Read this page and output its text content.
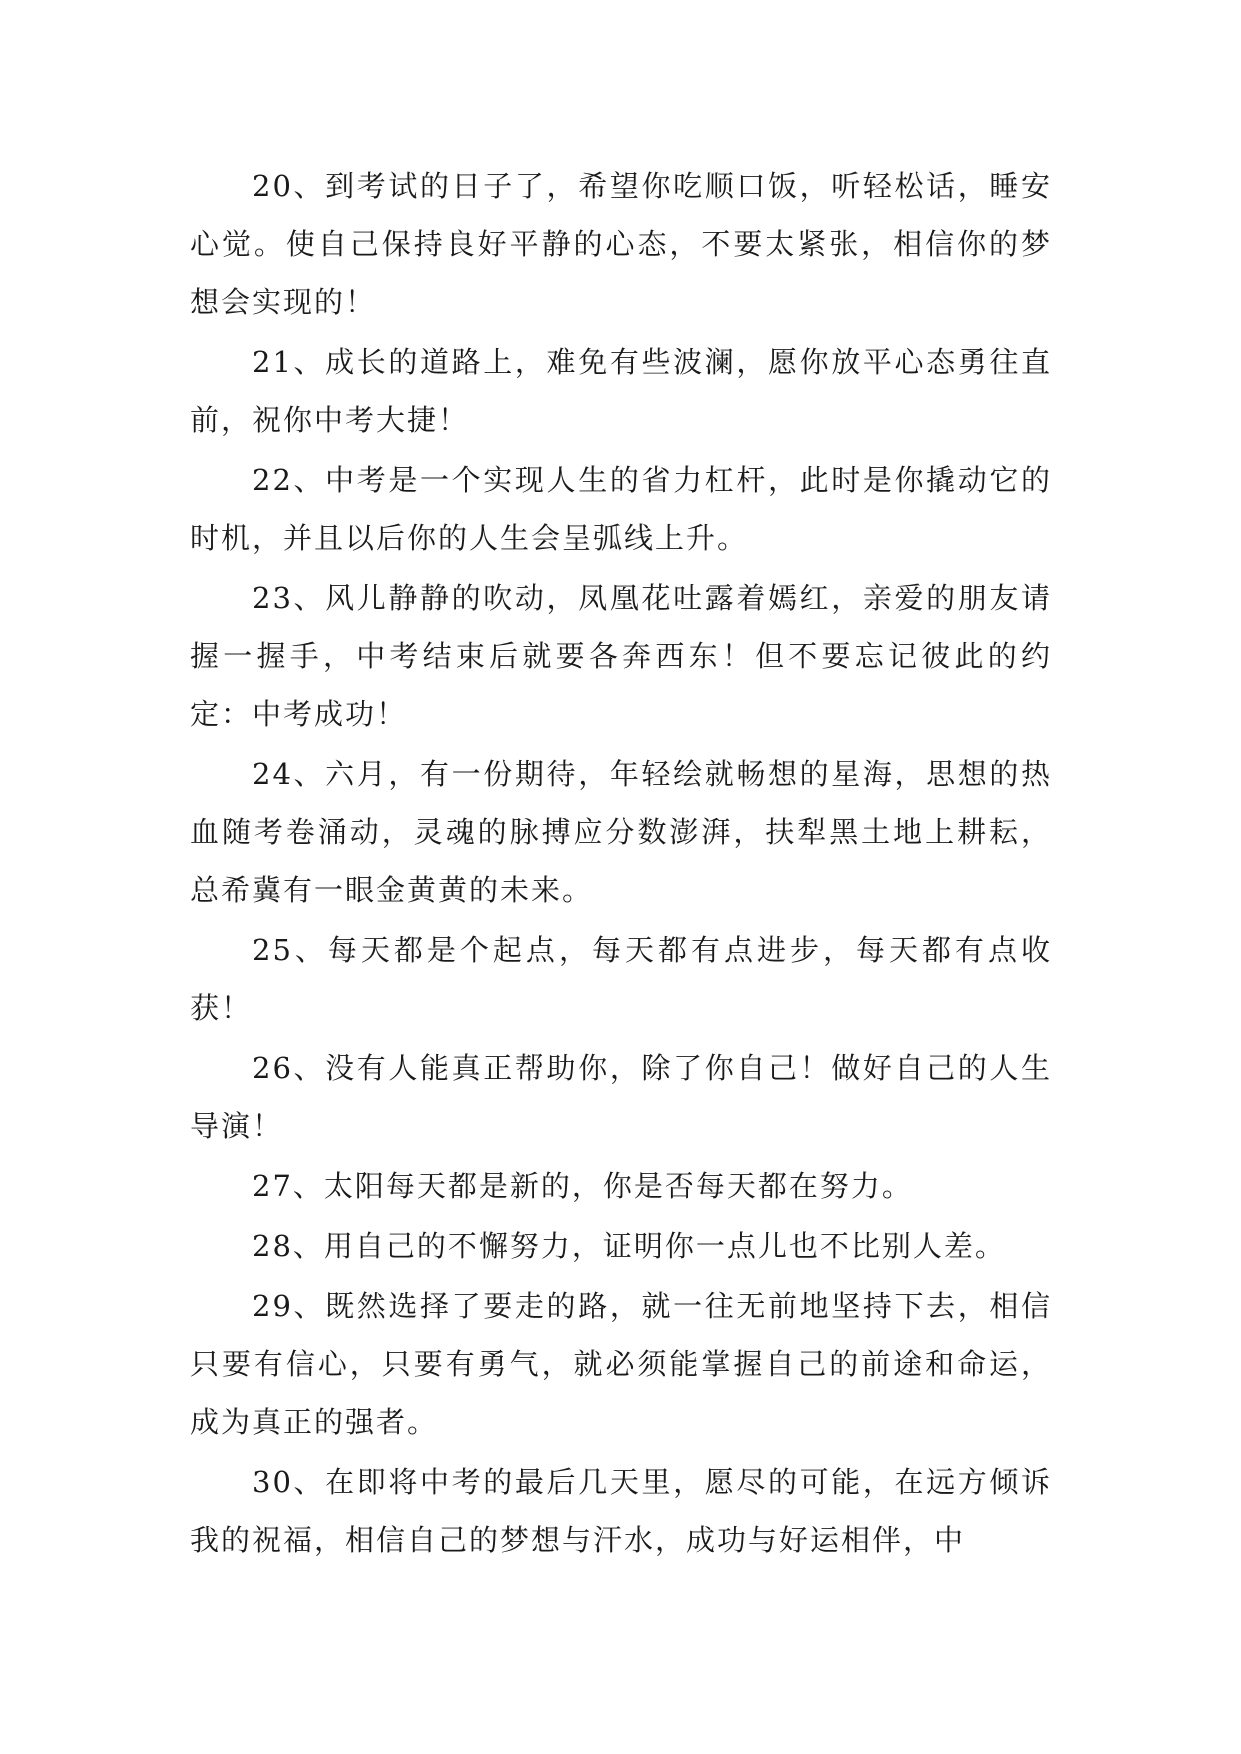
20、到考试的日子了，希望你吃顺口饭，听轻松话，睡安心觉。使自己保持良好平静的心态，不要太紧张，相信你的梦想会实现的！

21、成长的道路上，难免有些波澜，愿你放平心态勇往直前，祝你中考大捷！

22、中考是一个实现人生的省力杠杆，此时是你撬动它的时机，并且以后你的人生会呈弧线上升。

23、风儿静静的吹动，凤凰花吐露着嫣红，亲爱的朋友请握一握手，中考结束后就要各奔西东！但不要忘记彼此的约定：中考成功！

24、六月，有一份期待，年轻绘就畅想的星海，思想的热血随考卷涌动，灵魂的脉搏应分数澎湃，扶犁黑土地上耕耘，总希冀有一眼金黄黄的未来。

25、每天都是个起点，每天都有点进步，每天都有点收获！

26、没有人能真正帮助你，除了你自己！做好自己的人生导演！

27、太阳每天都是新的，你是否每天都在努力。

28、用自己的不懈努力，证明你一点儿也不比别人差。

29、既然选择了要走的路，就一往无前地坚持下去，相信只要有信心，只要有勇气，就必须能掌握自己的前途和命运，成为真正的强者。

30、在即将中考的最后几天里，愿尽的可能，在远方倾诉我的祝福，相信自己的梦想与汗水，成功与好运相伴，中
